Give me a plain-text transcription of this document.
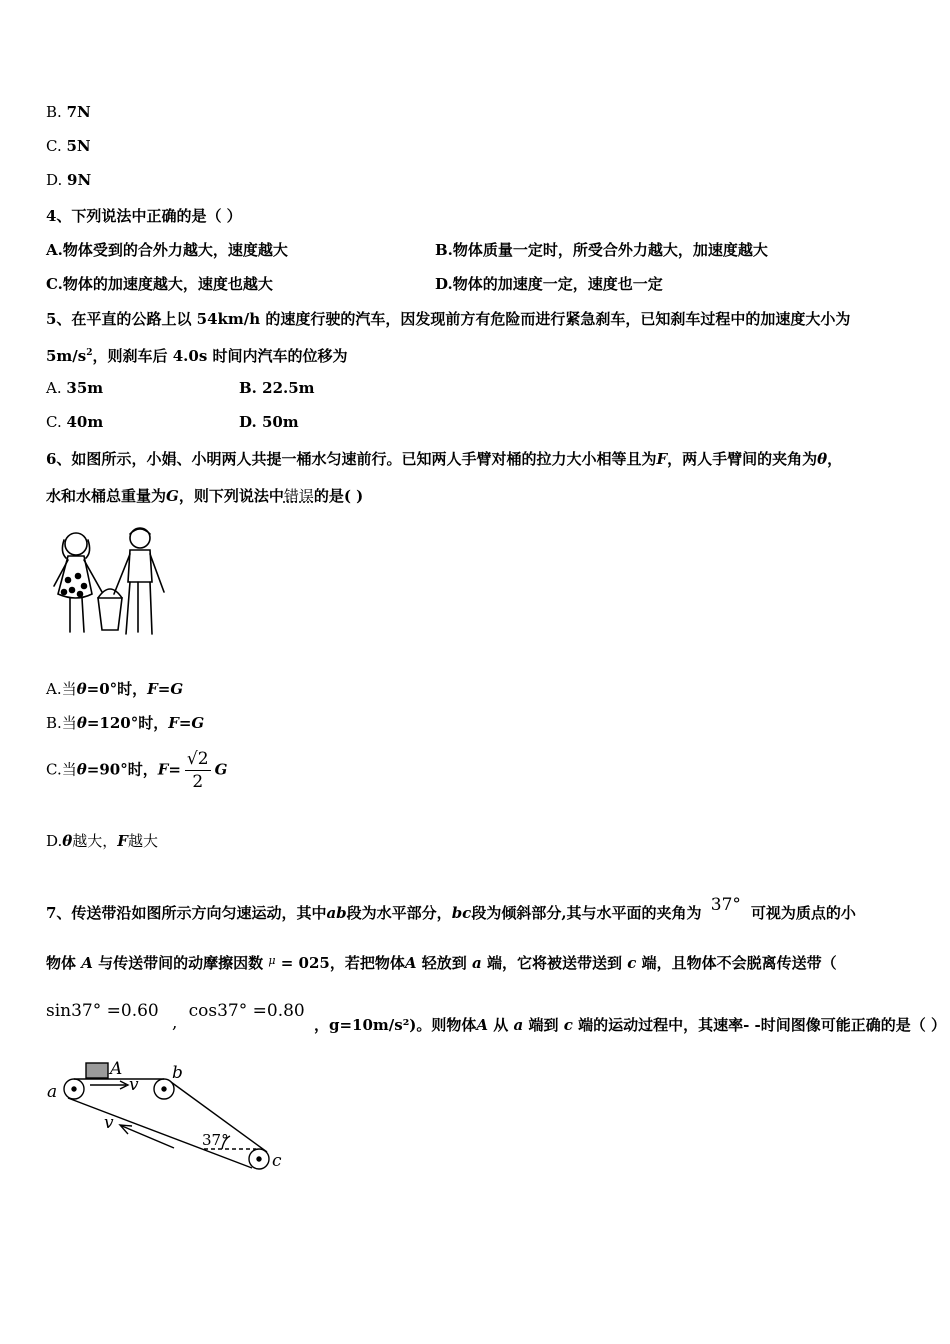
B. 7N
C. 5N
D. 9N
4、下列说法中正确的是（ ）
A.物体受到的合外力越大，速度越大	B.物体质量一定时，所受合外力越大，加速度越大
C.物体的加速度越大，速度也越大	D.物体的加速度一定，速度也一定
5、在平直的公路上以 54km/h 的速度行驶的汽车，因发现前方有危险而进行紧急刹车，已知刹车过程中的加速度大小为
$5m/s^2$，则刹车后 4.0s 时间内汽车的位移为
A. 35m	B. 22.5m
C. 40m	D. 50m
6、如图所示，小娟、小明两人共提一桶水匀速前行。已知两人手臂对桶的拉力大小相等且为F，两人手臂间的夹角为θ，
水和水桶总重量为G，则下列说法中错误的是( )
A.当θ=0°时，F=G
B.当θ=120°时，F=G
C.当θ=90°时，$F= \frac{√2}{2}$ G
D.θ越大，F越大
7、传送带沿如图所示方向匀速运动，其中ab段为水平部分，bc段为倾斜部分,其与水平面的夹角为 37° 可视为质点的小
物体 A 与传送带间的动摩擦因数 $^\mu$ = 025，若把物体A 轻放到 a 端，它将被送带送到 c 端，且物体不会脱离传送带（
sin37° =0.60 , cos37° =0.80 ，g=10m/s²)。则物体A 从 a 端到 c 端的运动过程中，其速率- -时间图像可能正确的是（ ）
A
a
b
c
v
v
37°
